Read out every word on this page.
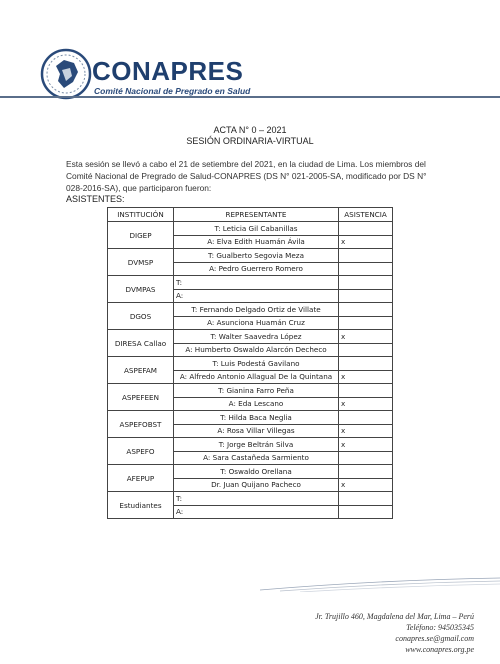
CONAPRES
Comité Nacional de Pregrado en Salud
ACTA N° 0 – 2021
SESIÓN ORDINARIA-VIRTUAL
Esta sesión se llevó a cabo el 21 de setiembre del 2021, en la ciudad de Lima. Los miembros del Comité Nacional de Pregrado de Salud-CONAPRES (DS N° 021-2005-SA, modificado por DS N° 028-2016-SA), que participaron fueron:
ASISTENTES:
INSTITUCIÓN	REPRESENTANTE	ASISTENCIA
DIGEP	T: Leticia Gil Cabanillas	
	A: Elva Edith Huamán Ávila	x
DVMSP	T: Gualberto Segovia Meza	
	A: Pedro Guerrero Romero	
DVMPAS	T:	
	A:	
DGOS	T: Fernando Delgado Ortiz de Villate	
	A: Asunciona Huamán Cruz	
DIRESA Callao	T: Walter Saavedra López	x
	A: Humberto Oswaldo Alarcón Decheco	
ASPEFAM	T: Luis Podestá Gavilano	
	A: Alfredo Antonio Allagual De la Quintana	x
ASPEFEEN	T: Gianina Farro Peña	
	A: Eda Lescano	x
ASPEFOBST	T: Hilda Baca Neglia	
	A: Rosa Villar Villegas	x
ASPEFO	T: Jorge Beltrán Silva	x
	A: Sara Castañeda Sarmiento	
AFEPUP	T: Oswaldo Orellana	
	Dr. Juan Quijano Pacheco	x
Estudiantes	T:	
	A:	
Jr. Trujillo 460, Magdalena del Mar, Lima – Perú
Teléfono: 945035345
conapres.se@gmail.com
www.conapres.org.pe
